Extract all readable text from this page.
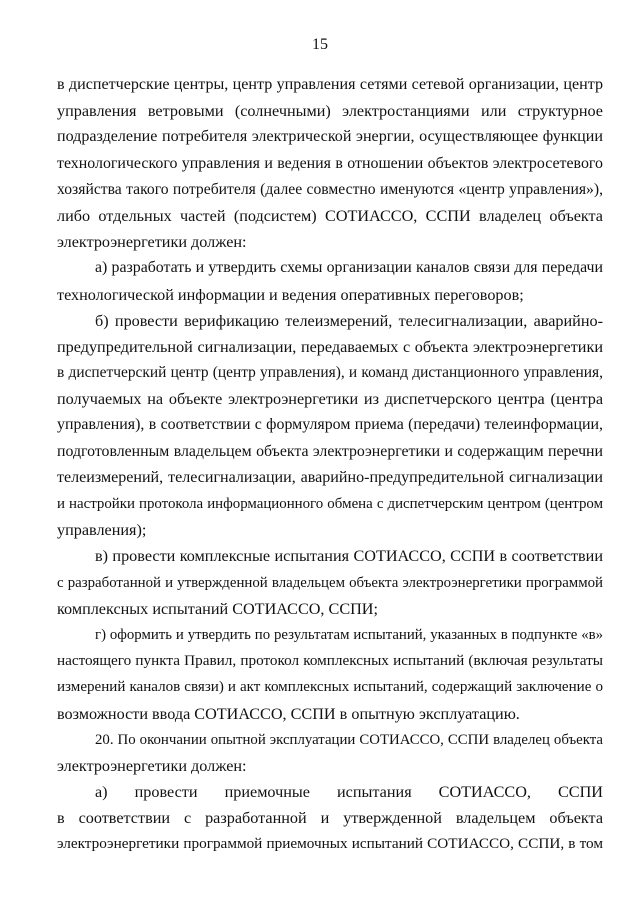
15
в диспетчерские центры, центр управления сетями сетевой организации, центр
управления ветровыми (солнечными) электростанциями или структурное
подразделение потребителя электрической энергии, осуществляющее функции
технологического управления и ведения в отношении объектов электросетевого
хозяйства такого потребителя (далее совместно именуются «центр управления»),
либо отдельных частей (подсистем) СОТИАССО, ССПИ владелец объекта
электроэнергетики должен:
а) разработать и утвердить схемы организации каналов связи для передачи
технологической информации и ведения оперативных переговоров;
б) провести верификацию телеизмерений, телесигнализации, аварийно-
предупредительной сигнализации, передаваемых с объекта электроэнергетики
в диспетчерский центр (центр управления), и команд дистанционного управления,
получаемых на объекте электроэнергетики из диспетчерского центра (центра
управления), в соответствии с формуляром приема (передачи) телеинформации,
подготовленным владельцем объекта электроэнергетики и содержащим перечни
телеизмерений, телесигнализации, аварийно-предупредительной сигнализации
и настройки протокола информационного обмена с диспетчерским центром (центром
управления);
в) провести комплексные испытания СОТИАССО, ССПИ в соответствии
с разработанной и утвержденной владельцем объекта электроэнергетики программой
комплексных испытаний СОТИАССО, ССПИ;
г) оформить и утвердить по результатам испытаний, указанных в подпункте «в»
настоящего пункта Правил, протокол комплексных испытаний (включая результаты
измерений каналов связи) и акт комплексных испытаний, содержащий заключение о
возможности ввода СОТИАССО, ССПИ в опытную эксплуатацию.
20. По окончании опытной эксплуатации СОТИАССО, ССПИ владелец объекта
электроэнергетики должен:
а) провести приемочные испытания СОТИАССО, ССПИ
в соответствии с разработанной и утвержденной владельцем объекта
электроэнергетики программой приемочных испытаний СОТИАССО, ССПИ, в том
